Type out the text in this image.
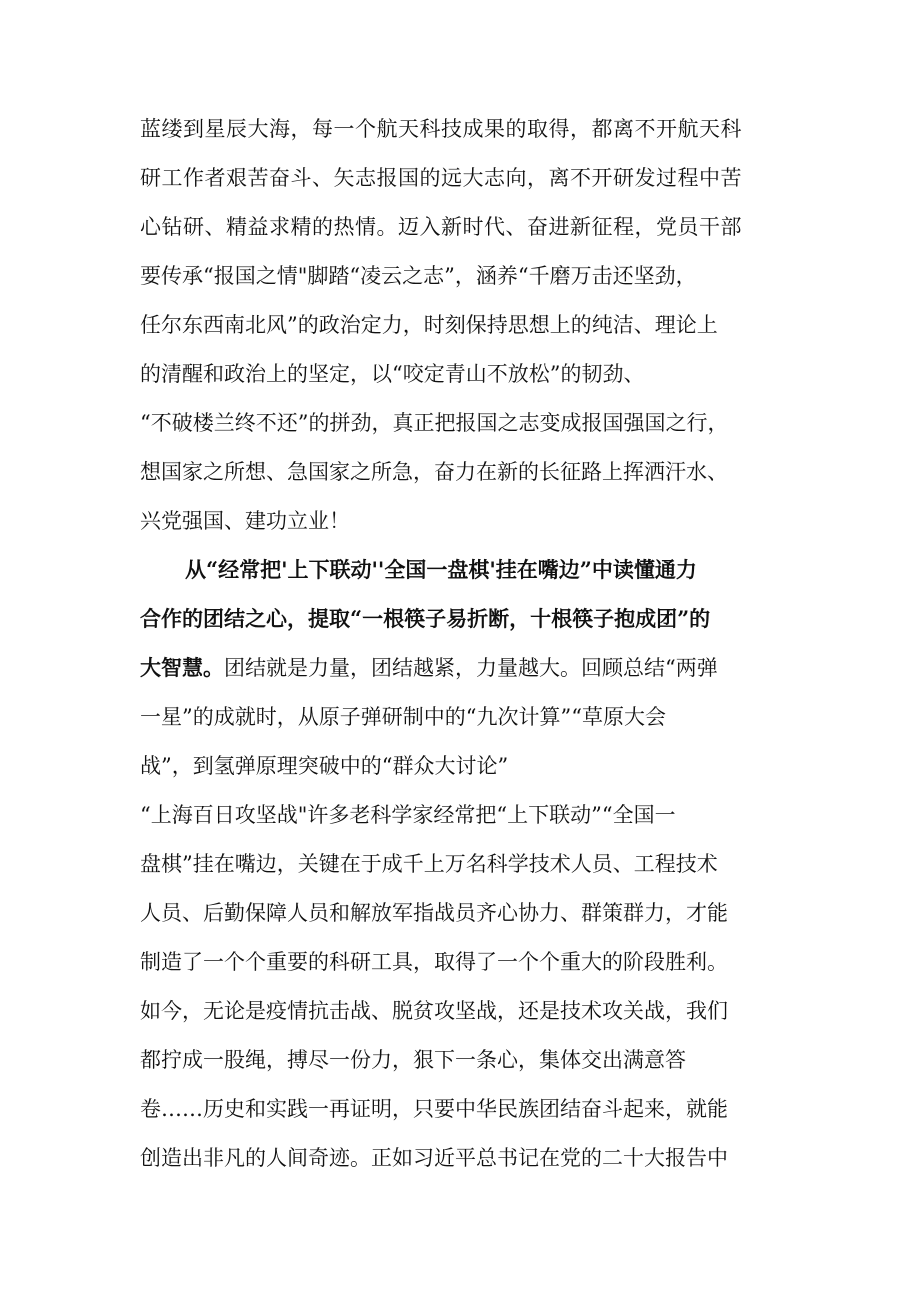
蓝缕到星辰大海，每一个航天科技成果的取得，都离不开航天科
研工作者艰苦奋斗、矢志报国的远大志向，离不开研发过程中苦
心钻研、精益求精的热情。迈入新时代、奋进新征程，党员干部
要传承“报国之情"脚踏“凌云之志”，涵养“千磨万击还坚劲，
任尔东西南北风”的政治定力，时刻保持思想上的纯洁、理论上
的清醒和政治上的坚定，以“咬定青山不放松”的韧劲、
“不破楼兰终不还”的拼劲，真正把报国之志变成报国强国之行，
想国家之所想、急国家之所急，奋力在新的长征路上挥洒汗水、
兴党强国、建功立业！
从“经常把'上下联动''全国一盘棋'挂在嘴边”中读懂通力
合作的团结之心，提取“一根筷子易折断，十根筷子抱成团”的
大智慧。团结就是力量，团结越紧，力量越大。回顾总结“两弹
一星”的成就时，从原子弹研制中的“九次计算”“草原大会
战”，到氢弹原理突破中的“群众大讨论”
“上海百日攻坚战"许多老科学家经常把“上下联动”“全国一
盘棋”挂在嘴边，关键在于成千上万名科学技术人员、工程技术
人员、后勤保障人员和解放军指战员齐心协力、群策群力，才能
制造了一个个重要的科研工具，取得了一个个重大的阶段胜利。
如今，无论是疫情抗击战、脱贫攻坚战，还是技术攻关战，我们
都拧成一股绳，搏尽一份力，狠下一条心，集体交出满意答
卷……历史和实践一再证明，只要中华民族团结奋斗起来，就能
创造出非凡的人间奇迹。正如习近平总书记在党的二十大报告中
